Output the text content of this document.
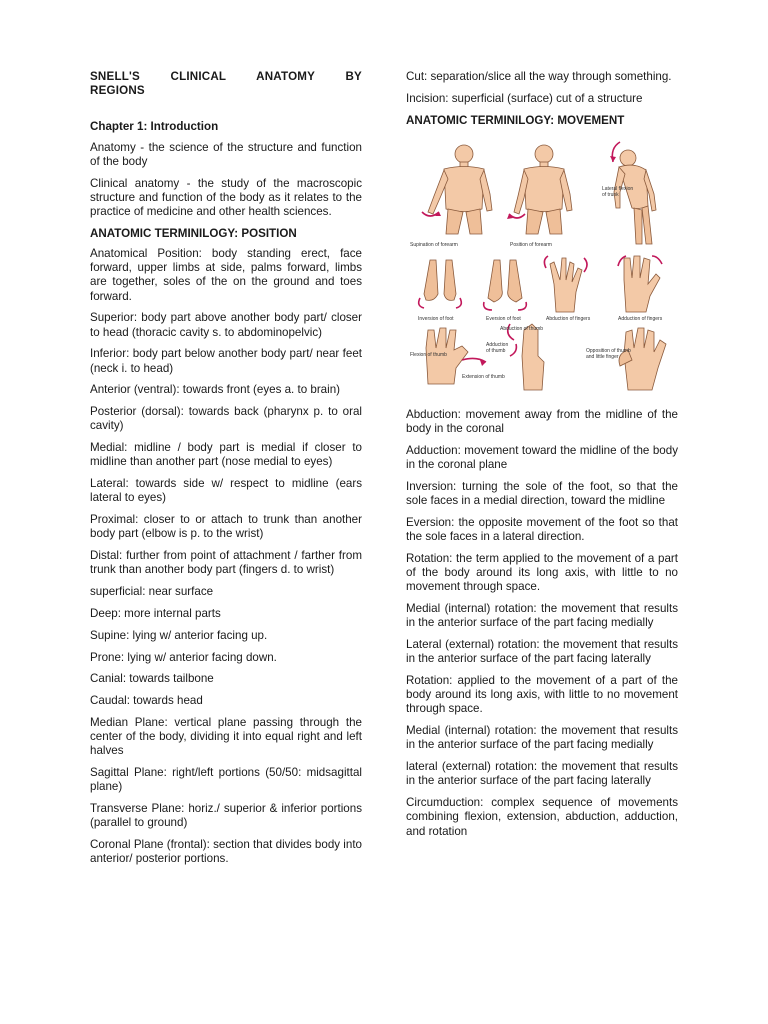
SNELL'S CLINICAL ANATOMY BY
REGIONS

Chapter 1: Introduction

Anatomy - the science of the structure and function of the body

Clinical anatomy - the study of the macroscopic structure and function of the body as it relates to the practice of medicine and other health sciences.

ANATOMIC TERMINILOGY: POSITION

Anatomical Position: body standing erect, face forward, upper limbs at side, palms forward, limbs are together, soles of the on the ground and toes forward.

Superior: body part above another body part/ closer to head (thoracic cavity s. to abdominopelvic)

Inferior: body part below another body part/ near feet (neck i. to head)

Anterior (ventral): towards front (eyes a. to brain)

Posterior (dorsal): towards back (pharynx p. to oral cavity)

Medial: midline / body part is medial if closer to midline than another part (nose medial to eyes)

Lateral: towards side w/ respect to midline (ears lateral to eyes)

Proximal: closer to or attach to trunk than another body part (elbow is p. to the wrist)

Distal: further from point of attachment / farther from trunk than another body part (fingers d. to wrist)

superficial: near surface

Deep: more internal parts

Supine: lying w/ anterior facing up.

Prone: lying w/ anterior facing down.

Canial: towards tailbone

Caudal: towards head

Median Plane: vertical plane passing through the center of the body, dividing it into equal right and left halves

Sagittal Plane: right/left portions (50/50: midsagittal plane)

Transverse Plane: horiz./ superior & inferior portions (parallel to ground)

Coronal Plane (frontal): section that divides body into anterior/ posterior portions.

Cut: separation/slice all the way through something.

Incision: superficial (surface) cut of a structure

ANATOMIC TERMINILOGY: MOVEMENT

Supination of forearm	Position of forearm
Lateral flexion
of trunk
Inversion of foot	Eversion of foot	Abduction of fingers	Adduction of fingers
Flexion of thumb
Extension of thumb
Abduction of thumb
Adduction
of thumb	Opposition of thumb
and little finger

Abduction: movement away from the midline of the body in the coronal

Adduction: movement toward the midline of the body in the coronal plane

Inversion: turning the sole of the foot, so that the sole faces in a medial direction, toward the midline

Eversion: the opposite movement of the foot so that the sole faces in a lateral direction.

Rotation: the term applied to the movement of a part of the body around its long axis, with little to no movement through space.

Medial (internal) rotation: the movement that results in the anterior surface of the part facing medially

Lateral (external) rotation: the movement that results in the anterior surface of the part facing laterally

Rotation: applied to the movement of a part of the body around its long axis, with little to no movement through space.

Medial (internal) rotation: the movement that results in the anterior surface of the part facing medially

lateral (external) rotation: the movement that results in the anterior surface of the part facing laterally

Circumduction: complex sequence of movements combining flexion, extension, abduction, adduction, and rotation
